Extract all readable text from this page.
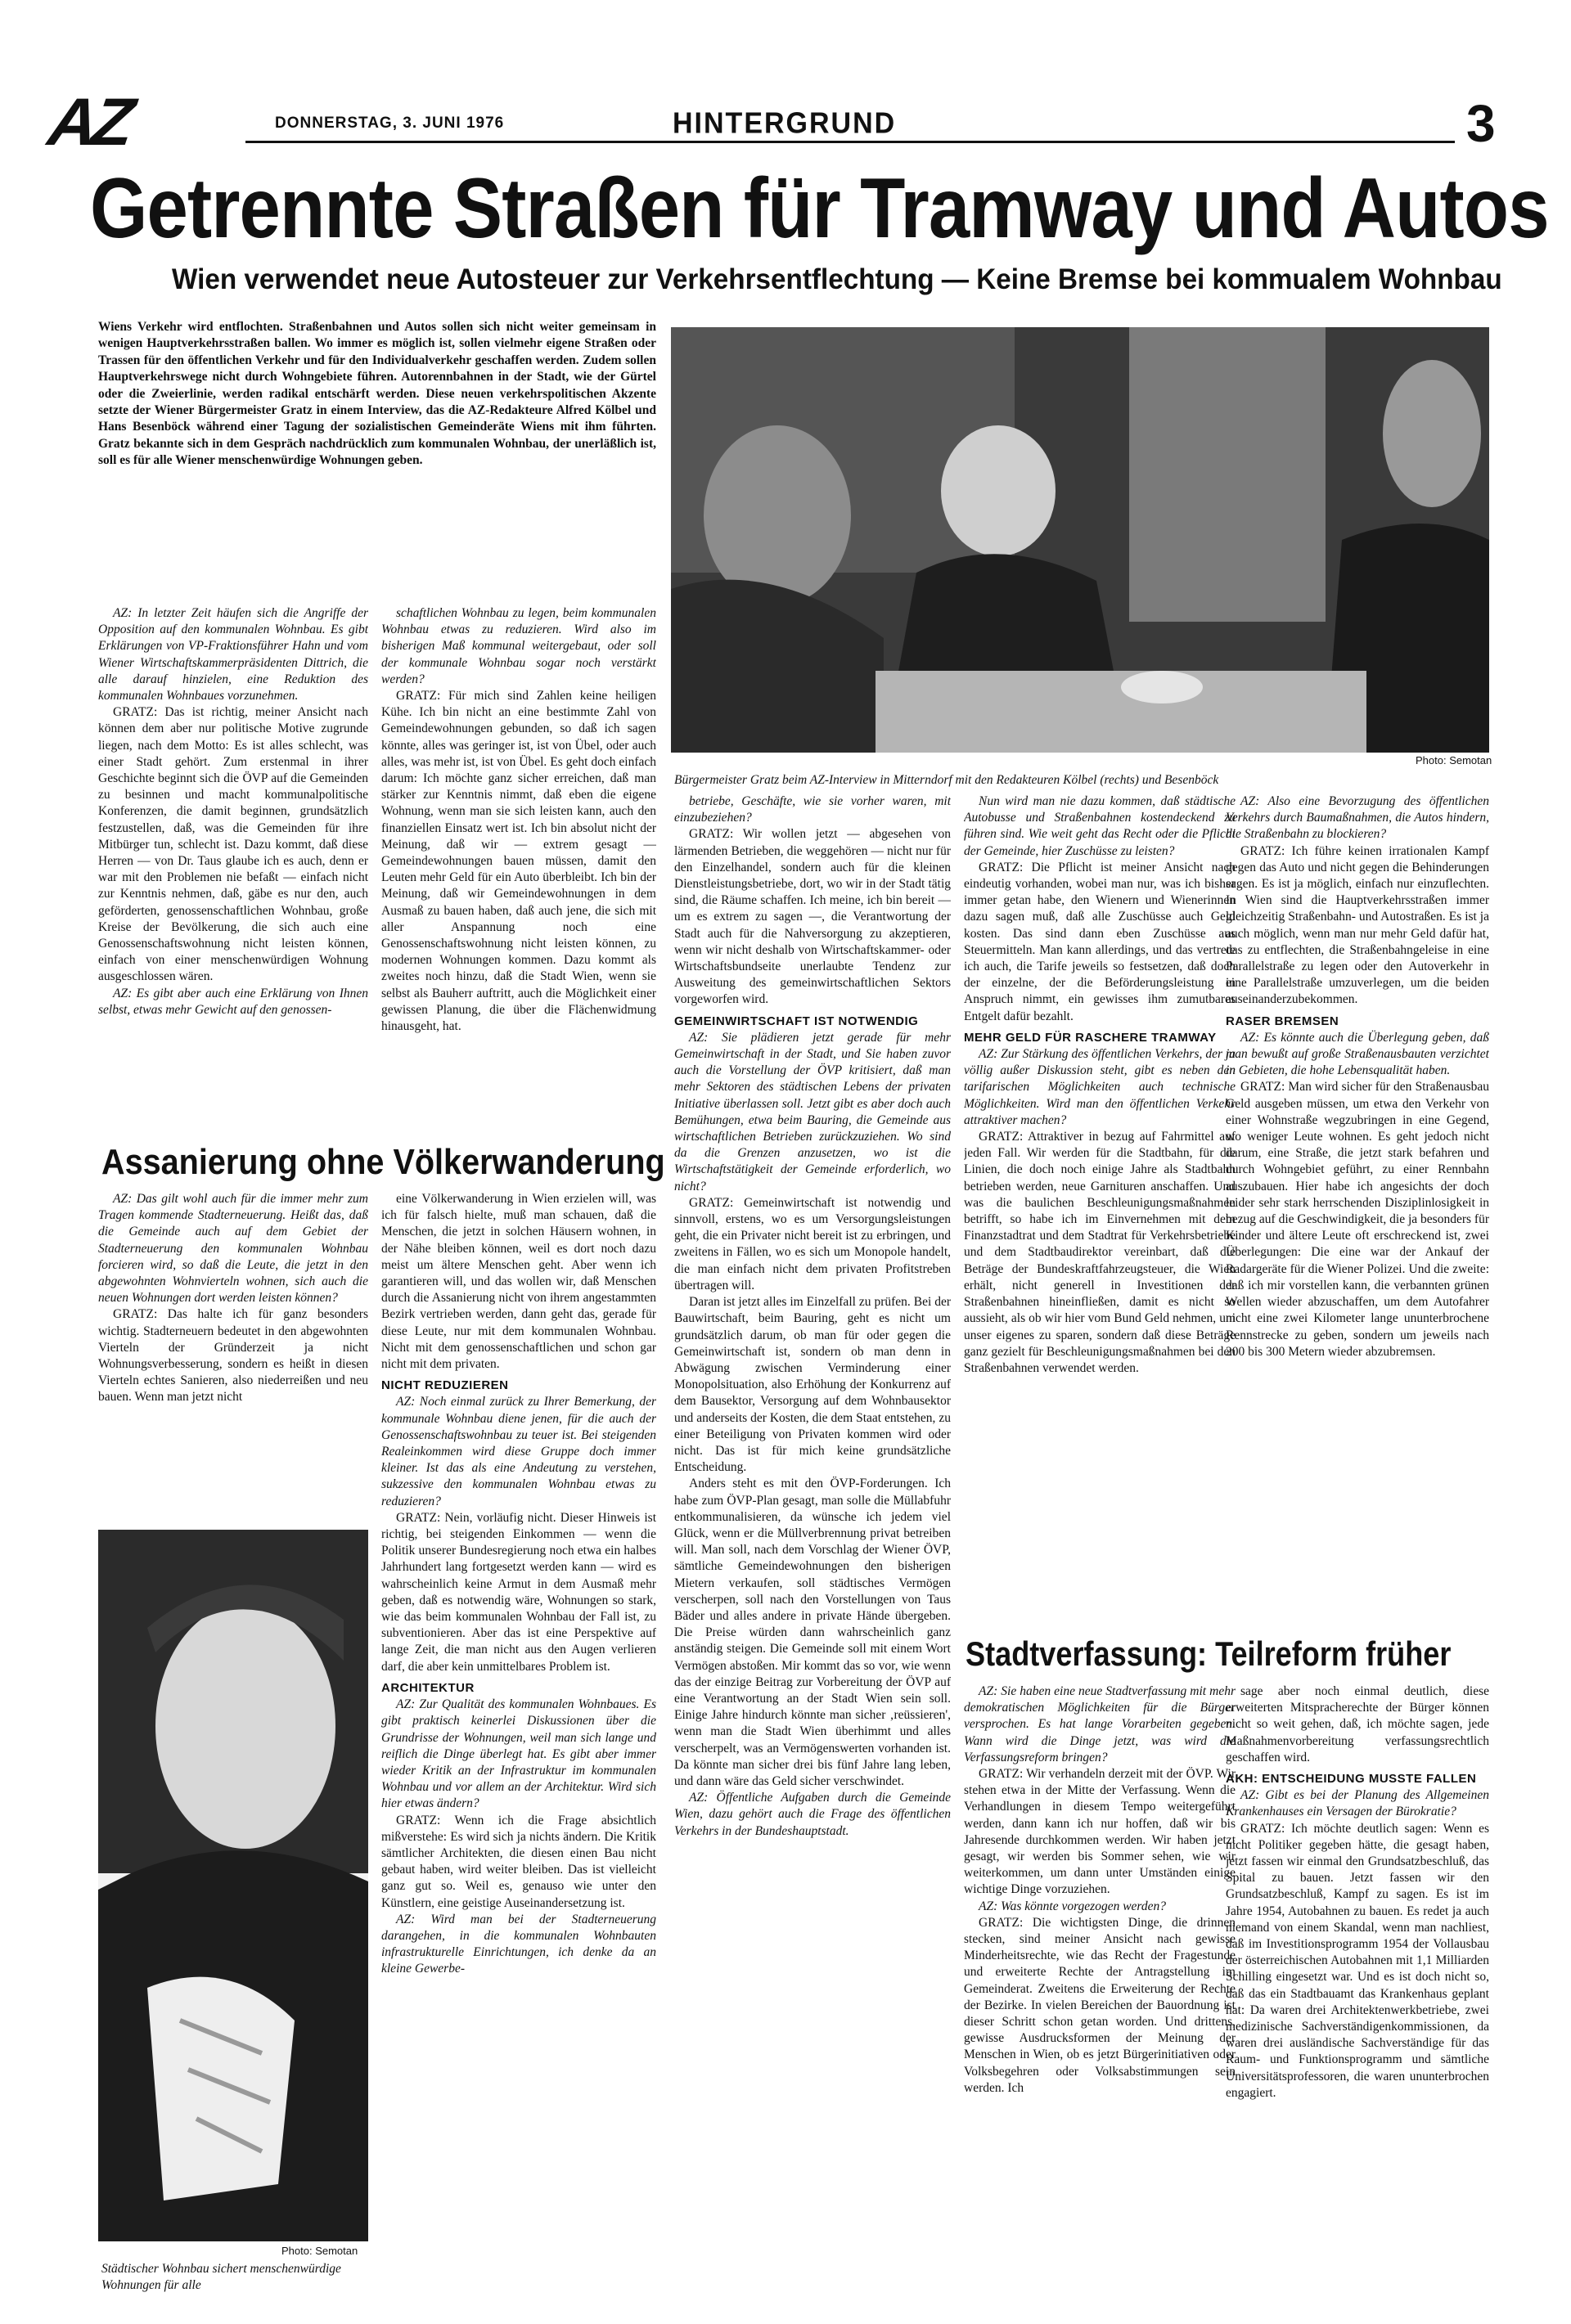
AZ	DONNERSTAG, 3. JUNI 1976	HINTERGRUND	3
Getrennte Straßen für Tramway und Autos
Wien verwendet neue Autosteuer zur Verkehrsentflechtung — Keine Bremse bei kommualem Wohnbau
Wiens Verkehr wird entflochten. Straßenbahnen und Autos sollen sich nicht weiter gemeinsam in wenigen Hauptverkehrsstraßen ballen. Wo immer es möglich ist, sollen vielmehr eigene Straßen oder Trassen für den öffentlichen Verkehr und für den Individualverkehr geschaffen werden. Zudem sollen Hauptverkehrswege nicht durch Wohngebiete führen. Autorennbahnen in der Stadt, wie der Gürtel oder die Zweierlinie, werden radikal entschärft werden. Diese neuen verkehrspolitischen Akzente setzte der Wiener Bürgermeister Gratz in einem Interview, das die AZ-Redakteure Alfred Kölbel und Hans Besenböck während einer Tagung der sozialistischen Gemeinderäte Wiens mit ihm führten. Gratz bekannte sich in dem Gespräch nachdrücklich zum kommunalen Wohnbau, der unerläßlich ist, soll es für alle Wiener menschenwürdige Wohnungen geben.
Photo: Semotan
Bürgermeister Gratz beim AZ-Interview in Mitterndorf mit den Redakteuren Kölbel (rechts) und Besenböck

AZ: In letzter Zeit häufen sich die Angriffe der Opposition auf den kommunalen Wohnbau. Es gibt Erklärungen von VP-Fraktionsführer Hahn und vom Wiener Wirtschaftskammerpräsidenten Dittrich, die alle darauf hinzielen, eine Reduktion des kommunalen Wohnbaues vorzunehmen.

GRATZ: Das ist richtig, meiner Ansicht nach können dem aber nur politische Motive zugrunde liegen, nach dem Motto: Es ist alles schlecht, was einer Stadt gehört. Zum erstenmal in ihrer Geschichte beginnt sich die ÖVP auf die Gemeinden zu besinnen und macht kommunalpolitische Konferenzen, die damit beginnen, grundsätzlich festzustellen, daß, was die Gemeinden für ihre Mitbürger tun, schlecht ist. Dazu kommt, daß diese Herren — von Dr. Taus glaube ich es auch, denn er war mit den Problemen nie befaßt — einfach nicht zur Kenntnis nehmen, daß, gäbe es nur den, auch geförderten, genossenschaftlichen Wohnbau, große Kreise der Bevölkerung, die sich auch eine Genossenschaftswohnung nicht leisten können, einfach von einer menschenwürdigen Wohnung ausgeschlossen wären.

AZ: Es gibt aber auch eine Erklärung von Ihnen selbst, etwas mehr Gewicht auf den genossen-

schaftlichen Wohnbau zu legen, beim kommunalen Wohnbau etwas zu reduzieren. Wird also im bisherigen Maß kommunal weitergebaut, oder soll der kommunale Wohnbau sogar noch verstärkt werden?

GRATZ: Für mich sind Zahlen keine heiligen Kühe. Ich bin nicht an eine bestimmte Zahl von Gemeindewohnungen gebunden, so daß ich sagen könnte, alles was geringer ist, ist von Übel, oder auch alles, was mehr ist, ist von Übel. Es geht doch einfach darum: Ich möchte ganz sicher erreichen, daß man stärker zur Kenntnis nimmt, daß eben die eigene Wohnung, wenn man sie sich leisten kann, auch den finanziellen Einsatz wert ist. Ich bin absolut nicht der Meinung, daß wir — extrem gesagt — Gemeindewohnungen bauen müssen, damit den Leuten mehr Geld für ein Auto überbleibt. Ich bin der Meinung, daß wir Gemeindewohnungen in dem Ausmaß zu bauen haben, daß auch jene, die sich mit aller Anspannung noch eine Genossenschaftswohnung nicht leisten können, zu modernen Wohnungen kommen. Dazu kommt als zweites noch hinzu, daß die Stadt Wien, wenn sie selbst als Bauherr auftritt, auch die Möglichkeit einer gewissen Planung, die über die Flächenwidmung hinausgeht, hat.

betriebe, Geschäfte, wie sie vorher waren, mit einzubeziehen?

GRATZ: Wir wollen jetzt — abgesehen von lärmenden Betrieben, die weggehören — nicht nur für den Einzelhandel, sondern auch für die kleinen Dienstleistungsbetriebe, dort, wo wir in der Stadt tätig sind, die Räume schaffen. Ich meine, ich bin bereit — um es extrem zu sagen —, die Verantwortung der Stadt auch für die Nahversorgung zu akzeptieren, wenn wir nicht deshalb von Wirtschaftskammer- oder Wirtschaftsbundseite unerlaubte Tendenz zur Ausweitung des gemeinwirtschaftlichen Sektors vorgeworfen wird.

GEMEINWIRTSCHAFT IST NOTWENDIG

AZ: Sie plädieren jetzt gerade für mehr Gemeinwirtschaft in der Stadt, und Sie haben zuvor auch die Vorstellung der ÖVP kritisiert, daß man mehr Sektoren des städtischen Lebens der privaten Initiative überlassen soll. Jetzt gibt es aber doch auch Bemühungen, etwa beim Bauring, die Gemeinde aus wirtschaftlichen Betrieben zurückzuziehen. Wo sind da die Grenzen anzusetzen, wo ist die Wirtschaftstätigkeit der Gemeinde erforderlich, wo nicht?

GRATZ: Gemeinwirtschaft ist notwendig und sinnvoll, erstens, wo es um Versorgungsleistungen geht, die ein Privater nicht bereit ist zu erbringen, und zweitens in Fällen, wo es sich um Monopole handelt, die man einfach nicht dem privaten Profitstreben übertragen will.

Daran ist jetzt alles im Einzelfall zu prüfen. Bei der Bauwirtschaft, beim Bauring, geht es nicht um grundsätzlich darum, ob man für oder gegen die Gemeinwirtschaft ist, sondern ob man denn in Abwägung zwischen Verminderung einer Monopolsituation, also Erhöhung der Konkurrenz auf dem Bausektor, Versorgung auf dem Wohnbausektor und anderseits der Kosten, die dem Staat entstehen, zu einer Beteiligung von Privaten kommen wird oder nicht. Das ist für mich keine grundsätzliche Entscheidung.

Anders steht es mit den ÖVP-Forderungen. Ich habe zum ÖVP-Plan gesagt, man solle die Müllabfuhr entkommunalisieren, da wünsche ich jedem viel Glück, wenn er die Müllverbrennung privat betreiben will. Man soll, nach dem Vorschlag der Wiener ÖVP, sämtliche Gemeindewohnungen den bisherigen Mietern verkaufen, soll städtisches Vermögen verscherpen, soll nach den Vorstellungen von Taus Bäder und alles andere in private Hände übergeben. Die Preise würden dann wahrscheinlich ganz anständig steigen. Die Gemeinde soll mit einem Wort Vermögen abstoßen. Mir kommt das so vor, wie wenn das der einzige Beitrag zur Vorbereitung der ÖVP auf eine Verantwortung an der Stadt Wien sein soll. Einige Jahre hindurch könnte man sicher ‚reüssieren', wenn man die Stadt Wien überhimmt und alles verscherpelt, was an Vermögenswerten vorhanden ist. Da könnte man sicher drei bis fünf Jahre lang leben, und dann wäre das Geld sicher verschwindet.

AZ: Öffentliche Aufgaben durch die Gemeinde Wien, dazu gehört auch die Frage des öffentlichen Verkehrs in der Bundeshauptstadt.

Nun wird man nie dazu kommen, daß städtische Autobusse und Straßenbahnen kostendeckend zu führen sind. Wie weit geht das Recht oder die Pflicht der Gemeinde, hier Zuschüsse zu leisten?

GRATZ: Die Pflicht ist meiner Ansicht nach eindeutig vorhanden, wobei man nur, was ich bisher immer getan habe, den Wienern und Wienerinnen dazu sagen muß, daß alle Zuschüsse auch Geld kosten. Das sind dann eben Zuschüsse aus Steuermitteln. Man kann allerdings, und das vertrete ich auch, die Tarife jeweils so festsetzen, daß doch der einzelne, der die Beförderungsleistung in Anspruch nimmt, ein gewisses ihm zumutbares Entgelt dafür bezahlt.

MEHR GELD FÜR RASCHERE TRAMWAY

AZ: Zur Stärkung des öffentlichen Verkehrs, der ja völlig außer Diskussion steht, gibt es neben den tarifarischen Möglichkeiten auch technische Möglichkeiten. Wird man den öffentlichen Verkehr attraktiver machen?

GRATZ: Attraktiver in bezug auf Fahrmittel auf jeden Fall. Wir werden für die Stadtbahn, für die Linien, die doch noch einige Jahre als Stadtbahn betrieben werden, neue Garnituren anschaffen. Und was die baulichen Beschleunigungsmaßnahmen betrifft, so habe ich im Einvernehmen mit dem Finanzstadtrat und dem Stadtrat für Verkehrsbetriebe und dem Stadtbaudirektor vereinbart, daß die Beträge der Bundeskraftfahrzeugsteuer, die Wien erhält, nicht generell in Investitionen der Straßenbahnen hineinfließen, damit es nicht so aussieht, als ob wir hier vom Bund Geld nehmen, um unser eigenes zu sparen, sondern daß diese Beträge ganz gezielt für Beschleunigungsmaßnahmen bei den Straßenbahnen verwendet werden.

AZ: Also eine Bevorzugung des öffentlichen Verkehrs durch Baumaßnahmen, die Autos hindern, die Straßenbahn zu blockieren?

GRATZ: Ich führe keinen irrationalen Kampf gegen das Auto und nicht gegen die Behinderungen sagen. Es ist ja möglich, einfach nur einzuflechten. In Wien sind die Hauptverkehrsstraßen immer gleichzeitig Straßenbahn- und Autostraßen. Es ist ja auch möglich, wenn man nur mehr Geld dafür hat, das zu entflechten, die Straßenbahngeleise in eine Parallelstraße zu legen oder den Autoverkehr in eine Parallelstraße umzuverlegen, um die beiden auseinanderzubekommen.

RASER BREMSEN

AZ: Es könnte auch die Überlegung geben, daß man bewußt auf große Straßenausbauten verzichtet in Gebieten, die hohe Lebensqualität haben.

GRATZ: Man wird sicher für den Straßenausbau Geld ausgeben müssen, um etwa den Verkehr von einer Wohnstraße wegzubringen in eine Gegend, wo weniger Leute wohnen. Es geht jedoch nicht darum, eine Straße, die jetzt stark befahren und durch Wohngebiet geführt, zu einer Rennbahn auszubauen. Hier habe ich angesichts der doch leider sehr stark herrschenden Disziplinlosigkeit in bezug auf die Geschwindigkeit, die ja besonders für Kinder und ältere Leute oft erschreckend ist, zwei Überlegungen: Die eine war der Ankauf der Radargeräte für die Wiener Polizei. Und die zweite: daß ich mir vorstellen kann, die verbannten grünen Wellen wieder abzuschaffen, um dem Autofahrer nicht eine zwei Kilometer lange ununterbrochene Rennstrecke zu geben, sondern um jeweils nach 200 bis 300 Metern wieder abzubremsen.

Assanierung ohne Völkerwanderung

AZ: Das gilt wohl auch für die immer mehr zum Tragen kommende Stadterneuerung. Heißt das, daß die Gemeinde auch auf dem Gebiet der Stadterneuerung den kommunalen Wohnbau forcieren wird, so daß die Leute, die jetzt in den abgewohnten Wohnvierteln wohnen, sich auch die neuen Wohnungen dort werden leisten können?

GRATZ: Das halte ich für ganz besonders wichtig. Stadterneuern bedeutet in den abgewohnten Vierteln der Gründerzeit ja nicht Wohnungsverbesserung, sondern es heißt in diesen Vierteln echtes Sanieren, also niederreißen und neu bauen. Wenn man jetzt nicht

eine Völkerwanderung in Wien erzielen will, was ich für falsch hielte, muß man schauen, daß die Menschen, die jetzt in solchen Häusern wohnen, in der Nähe bleiben können, weil es dort noch dazu meist um ältere Menschen geht. Aber wenn ich garantieren will, und das wollen wir, daß Menschen durch die Assanierung nicht von ihrem angestammten Bezirk vertrieben werden, dann geht das, gerade für diese Leute, nur mit dem kommunalen Wohnbau. Nicht mit dem genossenschaftlichen und schon gar nicht mit dem privaten.

NICHT REDUZIEREN

AZ: Noch einmal zurück zu Ihrer Bemerkung, der kommunale Wohnbau diene jenen, für die auch der Genossenschaftswohnbau zu teuer ist. Bei steigenden Realeinkommen wird diese Gruppe doch immer kleiner. Ist das als eine Andeutung zu verstehen, sukzessive den kommunalen Wohnbau etwas zu reduzieren?

GRATZ: Nein, vorläufig nicht. Dieser Hinweis ist richtig, bei steigenden Einkommen — wenn die Politik unserer Bundesregierung noch etwa ein halbes Jahrhundert lang fortgesetzt werden kann — wird es wahrscheinlich keine Armut in dem Ausmaß mehr geben, daß es notwendig wäre, Wohnungen so stark, wie das beim kommunalen Wohnbau der Fall ist, zu subventionieren. Aber das ist eine Perspektive auf lange Zeit, die man nicht aus den Augen verlieren darf, die aber kein unmittelbares Problem ist.

ARCHITEKTUR

AZ: Zur Qualität des kommunalen Wohnbaues. Es gibt praktisch keinerlei Diskussionen über die Grundrisse der Wohnungen, weil man sich lange und reiflich die Dinge überlegt hat. Es gibt aber immer wieder Kritik an der Infrastruktur im kommunalen Wohnbau und vor allem an der Architektur. Wird sich hier etwas ändern?

GRATZ: Wenn ich die Frage absichtlich mißverstehe: Es wird sich ja nichts ändern. Die Kritik sämtlicher Architekten, die diesen einen Bau nicht gebaut haben, wird weiter bleiben. Das ist vielleicht ganz gut so. Weil es, genauso wie unter den Künstlern, eine geistige Auseinandersetzung ist.

AZ: Wird man bei der Stadterneuerung darangehen, in die kommunalen Wohnbauten infrastrukturelle Einrichtungen, ich denke da an kleine Gewerbe-

Photo: Semotan
Städtischer Wohnbau sichert menschenwürdige Wohnungen für alle
Stadtverfassung: Teilreform früher

AZ: Sie haben eine neue Stadtverfassung mit mehr demokratischen Möglichkeiten für die Bürger versprochen. Es hat lange Vorarbeiten gegeben. Wann wird die Dinge jetzt, was wird die Verfassungsreform bringen?

GRATZ: Wir verhandeln derzeit mit der ÖVP. Wir stehen etwa in der Mitte der Verfassung. Wenn die Verhandlungen in diesem Tempo weitergeführt werden, dann kann ich nur hoffen, daß wir bis Jahresende durchkommen werden. Wir haben jetzt gesagt, wir werden bis Sommer sehen, wie wir weiterkommen, um dann unter Umständen einige wichtige Dinge vorzuziehen.

AZ: Was könnte vorgezogen werden?

GRATZ: Die wichtigsten Dinge, die drinnen stecken, sind meiner Ansicht nach gewisse Minderheitsrechte, wie das Recht der Fragestunde und erweiterte Rechte der Antragstellung im Gemeinderat. Zweitens die Erweiterung der Rechte der Bezirke. In vielen Bereichen der Bauordnung ist dieser Schritt schon getan worden. Und drittens, gewisse Ausdrucksformen der Meinung der Menschen in Wien, ob es jetzt Bürgerinitiativen oder Volksbegehren oder Volksabstimmungen sein werden. Ich

sage aber noch einmal deutlich, diese erweiterten Mitspracherechte der Bürger können nicht so weit gehen, daß, ich möchte sagen, jede Maßnahmenvorbereitung verfassungsrechtlich geschaffen wird.

AKH: ENTSCHEIDUNG MUSSTE FALLEN

AZ: Gibt es bei der Planung des Allgemeinen Krankenhauses ein Versagen der Bürokratie?

GRATZ: Ich möchte deutlich sagen: Wenn es nicht Politiker gegeben hätte, die gesagt haben, jetzt fassen wir einmal den Grundsatzbeschluß, das Spital zu bauen. Jetzt fassen wir den Grundsatzbeschluß, Kampf zu sagen. Es ist im Jahre 1954, Autobahnen zu bauen. Es redet ja auch niemand von einem Skandal, wenn man nachliest, daß im Investitionsprogramm 1954 der Vollausbau der österreichischen Autobahnen mit 1,1 Milliarden Schilling eingesetzt war. Und es ist doch nicht so, daß das ein Stadtbauamt das Krankenhaus geplant hat: Da waren drei Architektenwerkbetriebe, zwei medizinische Sachverständigenkommissionen, da waren drei ausländische Sachverständige für das Raum- und Funktionsprogramm und sämtliche Universitätsprofessoren, die waren ununterbrochen engagiert.
